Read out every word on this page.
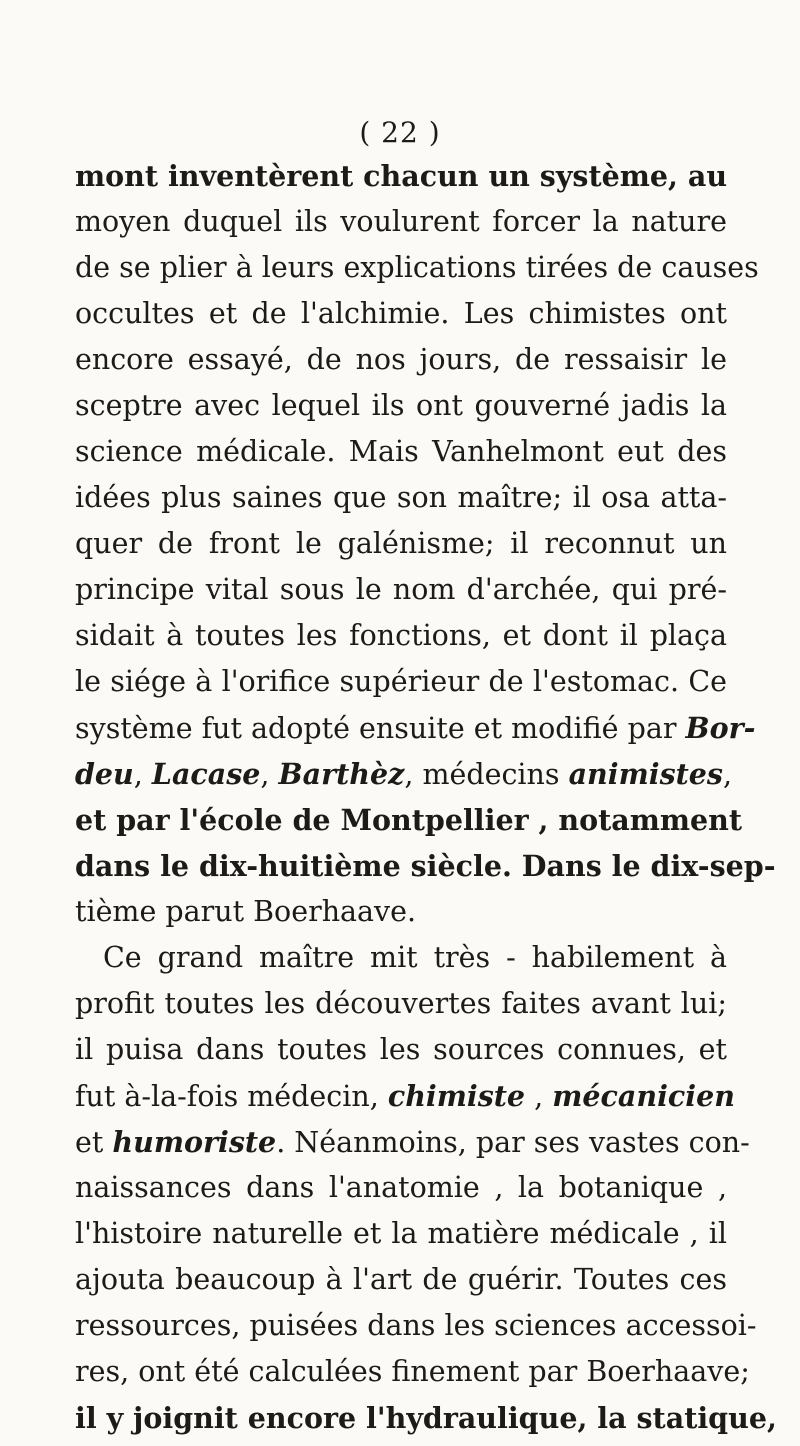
( 22 )
mont inventèrent chacun un système, au
moyen duquel ils voulurent forcer la nature
de se plier à leurs explications tirées de causes
occultes et de l'alchimie. Les chimistes ont
encore essayé, de nos jours, de ressaisir le
sceptre avec lequel ils ont gouverné jadis la
science médicale. Mais Vanhelmont eut des
idées plus saines que son maître; il osa atta-
quer de front le galénisme; il reconnut un
principe vital sous le nom d'archée, qui pré-
sidait à toutes les fonctions, et dont il plaça
le siége à l'orifice supérieur de l'estomac. Ce
système fut adopté ensuite et modifié par Bor-
deu, Lacase, Barthèz, médecins animistes,
et par l'école de Montpellier , notamment
dans le dix-huitième siècle. Dans le dix-sep-
tième parut Boerhaave.
Ce grand maître mit très - habilement à
profit toutes les découvertes faites avant lui;
il puisa dans toutes les sources connues, et
fut à-la-fois médecin, chimiste , mécanicien
et humoriste. Néanmoins, par ses vastes con-
naissances dans l'anatomie , la botanique ,
l'histoire naturelle et la matière médicale , il
ajouta beaucoup à l'art de guérir. Toutes ces
ressources, puisées dans les sciences accessoi-
res, ont été calculées finement par Boerhaave;
il y joignit encore l'hydraulique, la statique,
